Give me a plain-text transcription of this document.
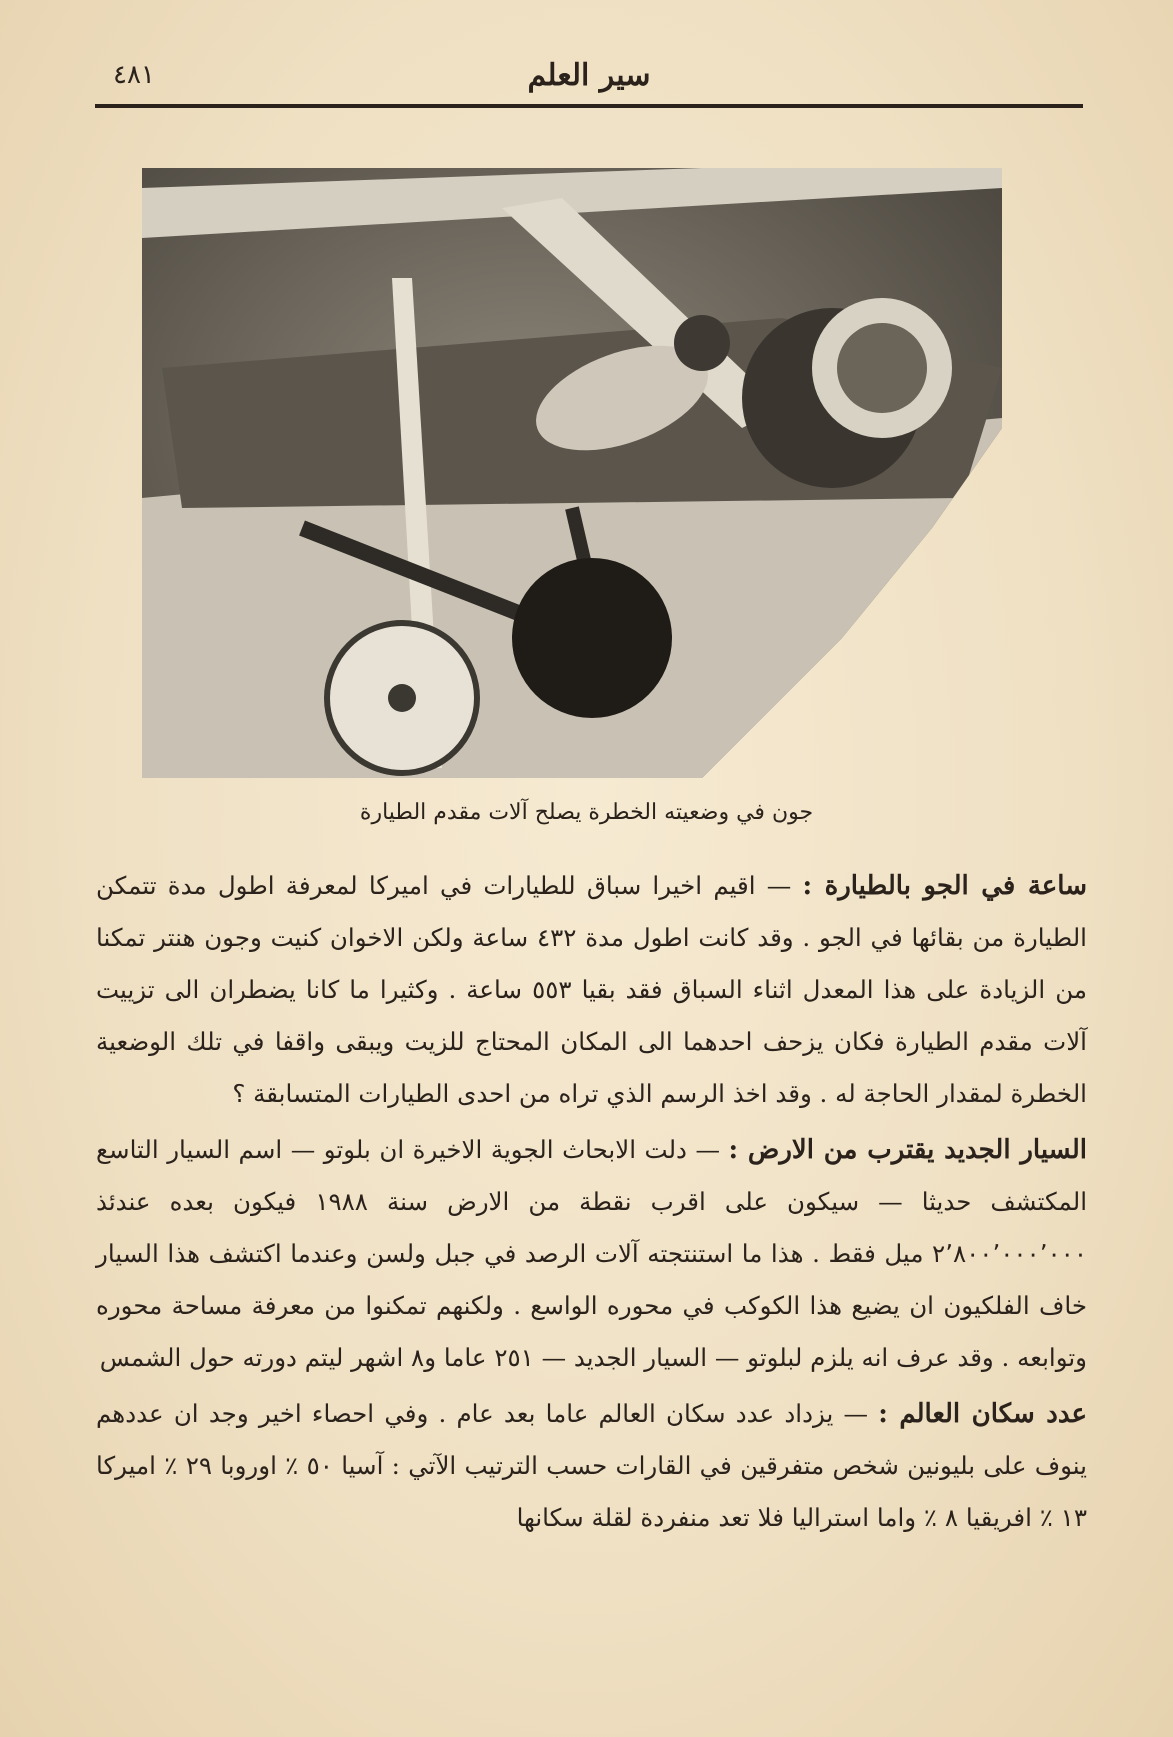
سير العلم
٤٨١
جون في وضعيته الخطرة يصلح آلات مقدم الطيارة

ساعة في الجو بالطيارة : — اقيم اخيرا سباق للطيارات في اميركا لمعرفة اطول مدة تتمكن الطيارة من بقائها في الجو . وقد كانت اطول مدة ٤٣٢ ساعة ولكن الاخوان كنيت وجون هنتر تمكنا من الزيادة على هذا المعدل اثناء السباق فقد بقيا ٥٥٣ ساعة . وكثيرا ما كانا يضطران الى تزييت آلات مقدم الطيارة فكان يزحف احدهما الى المكان المحتاج للزيت ويبقى واقفا في تلك الوضعية الخطرة لمقدار الحاجة له . وقد اخذ الرسم الذي تراه من احدى الطيارات المتسابقة ؟

السيار الجديد يقترب من الارض : — دلت الابحاث الجوية الاخيرة ان بلوتو — اسم السيار التاسع المكتشف حديثا — سيكون على اقرب نقطة من الارض سنة ١٩٨٨ فيكون بعده عندئذ ٢٬٨٠٠٬٠٠٠٬٠٠٠ ميل فقط . هذا ما استنتجته آلات الرصد في جبل ولسن وعندما اكتشف هذا السيار خاف الفلكيون ان يضيع هذا الكوكب في محوره الواسع . ولكنهم تمكنوا من معرفة مساحة محوره وتوابعه . وقد عرف انه يلزم لبلوتو — السيار الجديد — ٢٥١ عاما و٨ اشهر ليتم دورته حول الشمس

عدد سكان العالم : — يزداد عدد سكان العالم عاما بعد عام . وفي احصاء اخير وجد ان عددهم ينوف على بليونين شخص متفرقين في القارات حسب الترتيب الآتي : آسيا ٥٠ ٪ اوروبا ٢٩ ٪ اميركا ١٣ ٪ افريقيا ٨ ٪ واما استراليا فلا تعد منفردة لقلة سكانها
